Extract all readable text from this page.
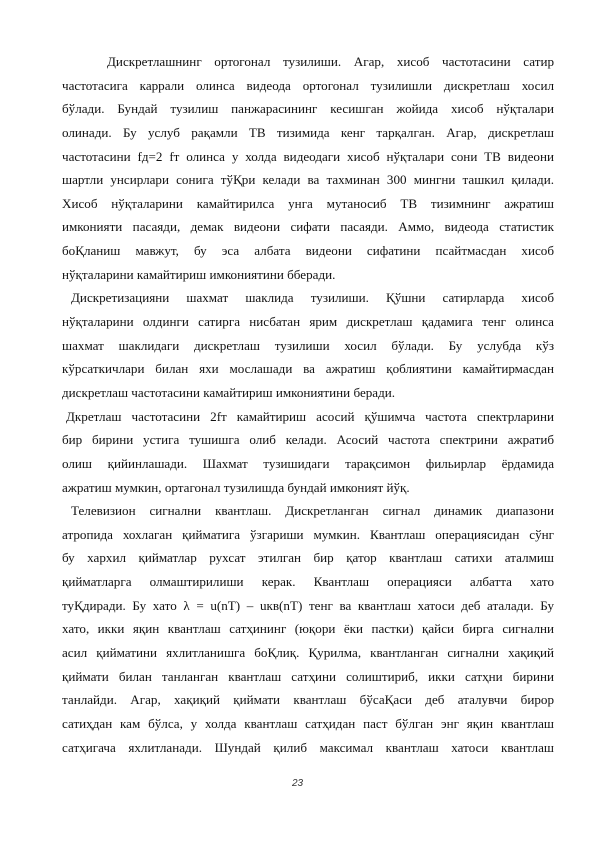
Дискретлашнинг ортогонал тузилиши. Агар, хисоб частотасини сатир
частотасига каррали олинса видеода ортогонал тузилишли дискретлаш хосил
бўлади. Бундай тузилиш панжарасининг кесишган жойида хисоб нўқталари
олинади. Бу услуб рақамли ТВ тизимида кенг тарқалган. Агар, дискретлаш
частотасини fд=2 fт олинса у холда видеодаги хисоб нўқталари сони ТВ видеони
шартли унсирлари сонига тўҚри келади ва тахминан 300 мингни ташкил қилади.
Хисоб нўқталарини камайтирилса унга мутаносиб ТВ тизимнинг ажратиш
имконияти пасаяди, демак видеони сифати пасаяди. Аммо, видеода статистик
боҚланиш мавжут, бу эса албата видеони сифатини псайтмасдан хисоб
нўқталарини камайтириш имкониятини бберади.
Дискретизацияни шахмат шаклида тузилиши. Қўшни сатирларда хисоб
нўқталарини олдинги сатирга нисбатан ярим дискретлаш қадамига тенг олинса
шахмат шаклидаги дискретлаш тузилиши хосил бўлади. Бу услубда кўз
кўрсаткичлари билан яхи мослашади ва ажратиш қоблиятини камайтирмасдан
дискретлаш частотасини камайтириш имкониятини беради.
Дкретлаш частотасини 2fт камайтириш асосий қўшимча частота спектрларини
бир бирини устига тушишга олиб келади. Асосий частота спектрини ажратиб
олиш қийинлашади. Шахмат тузишидаги тарақсимон фильирлар ёрдамида
ажратиш мумкин, ортагонал тузилишда бундай имконият йўқ.
Телевизион сигнални квантлаш. Дискретланган сигнал динамик диапазони
атропида хохлаган қийматига ўзгариши мумкин. Квантлаш операциясидан сўнг
бу хархил қийматлар рухсат этилган бир қатор квантлаш сатихи аталмиш
қийматларга олмаштирилиши керак. Квантлаш операцияси албатта хато
туҚдиради. Бу хато λ = u(nT) – uкв(nT) тенг ва квантлаш хатоси деб аталади. Бу
хато, икки яқин квантлаш сатҳининг (юқори ёки пастки) қайси бирга сигнални
асил қийматини яхлитланишга боҚлиқ. Қурилма, квантланган сигнални хақиқий
қиймати билан танланган квантлаш сатҳини солиштириб, икки сатҳни бирини
танлайди. Агар, хақиқий қиймати квантлаш бўсаҚаси деб аталувчи бирор
сатиҳдан кам бўлса, у холда квантлаш сатҳидан паст бўлган энг яқин квантлаш
сатҳигача яхлитланади. Шундай қилиб максимал квантлаш хатоси квантлаш
23
